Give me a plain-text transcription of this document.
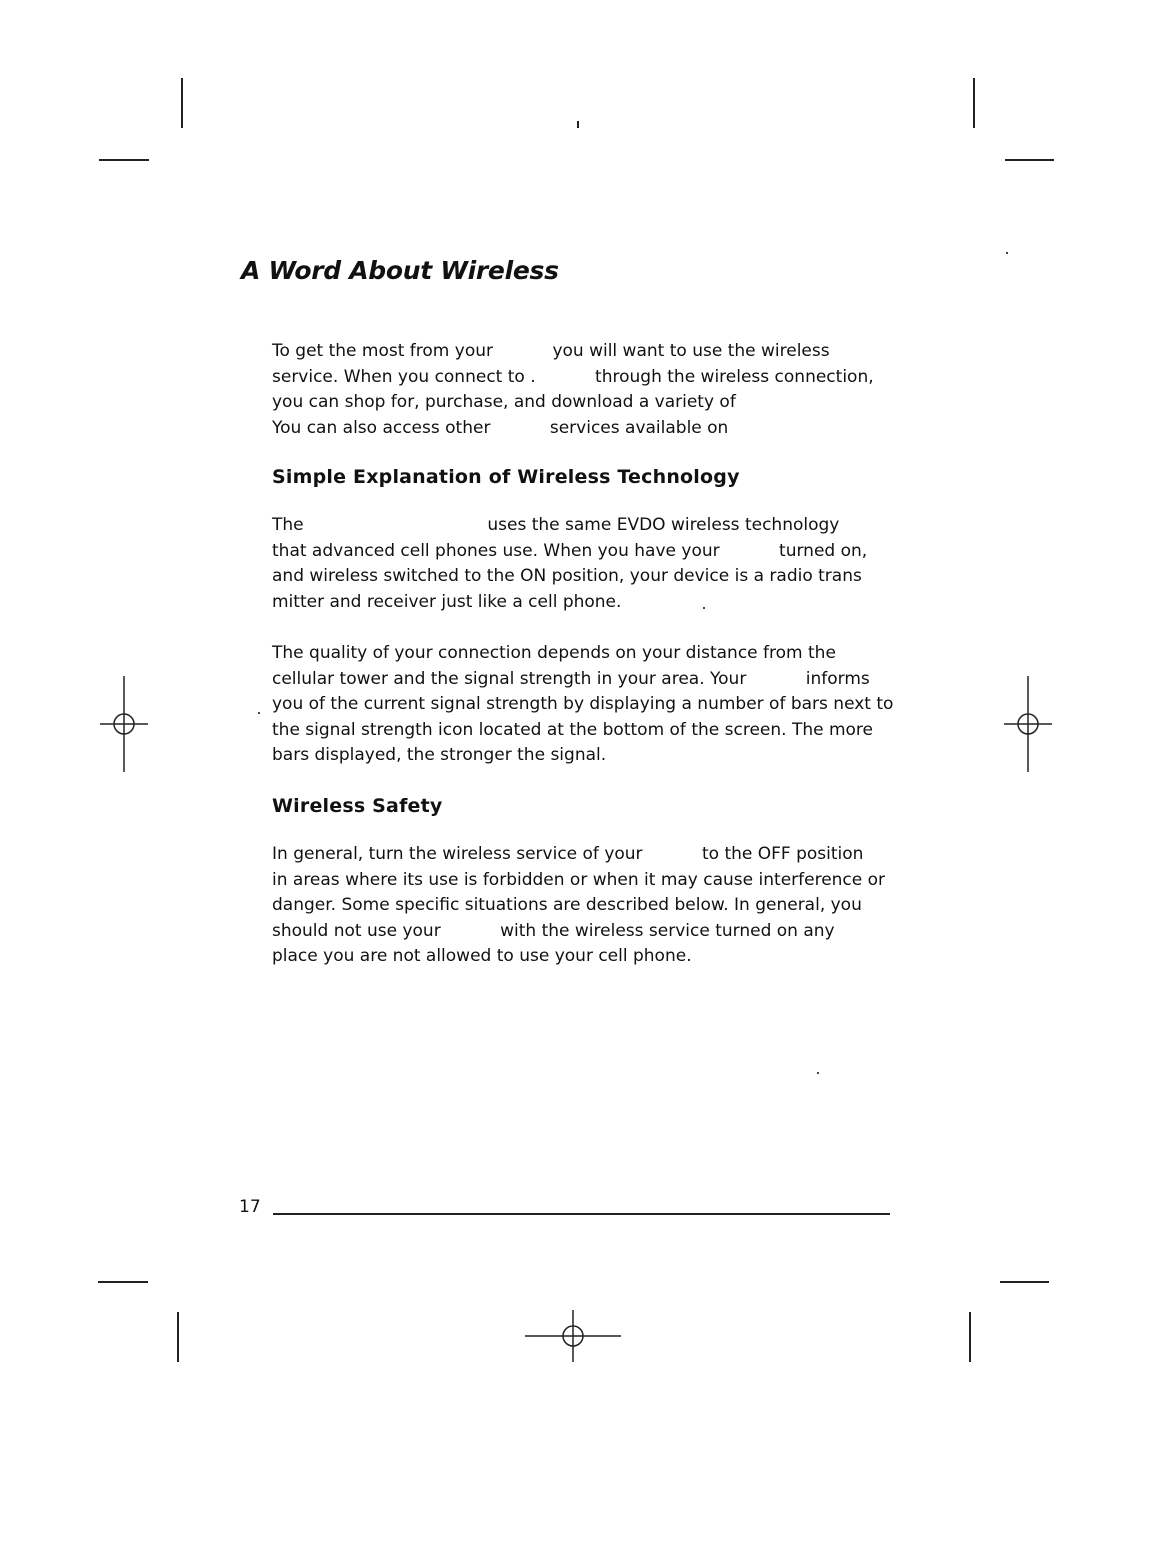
A Word About Wireless

To get the most from your           you will want to use the wireless
service. When you connect to .           through the wireless connection,
you can shop for, purchase, and download a variety of
You can also access other           services available on

Simple Explanation of Wireless Technology

The                                  uses the same EVDO wireless technology
that advanced cell phones use. When you have your           turned on,
and wireless switched to the ON position, your device is a radio trans
mitter and receiver just like a cell phone.

The quality of your connection depends on your distance from the
cellular tower and the signal strength in your area. Your           informs
you of the current signal strength by displaying a number of bars next to
the signal strength icon located at the bottom of the screen. The more
bars displayed, the stronger the signal.

Wireless Safety

In general, turn the wireless service of your           to the OFF position
in areas where its use is forbidden or when it may cause interference or
danger. Some specific situations are described below. In general, you
should not use your           with the wireless service turned on any
place you are not allowed to use your cell phone.

17
